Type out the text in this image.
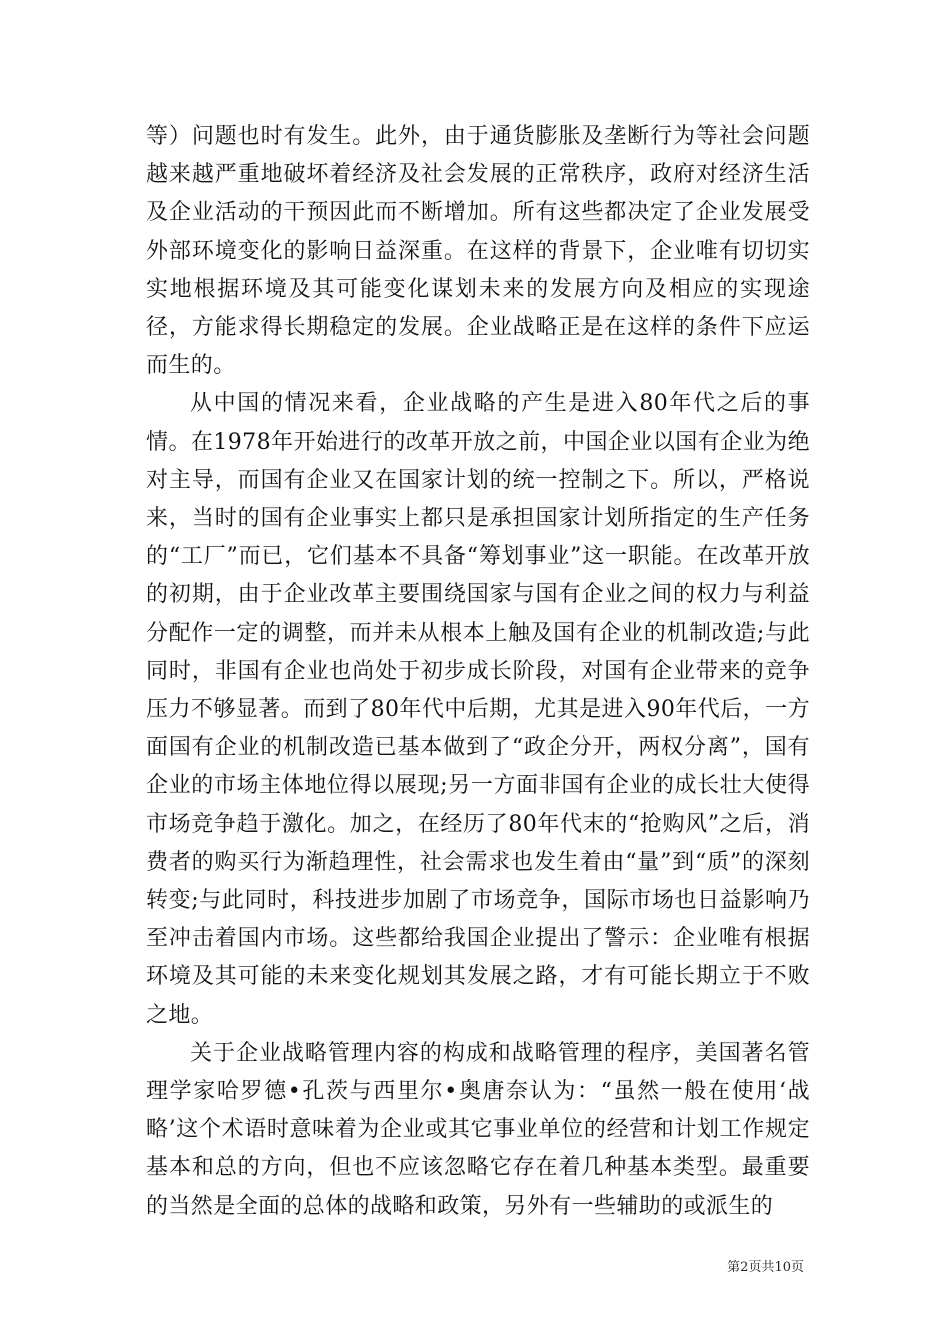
等）问题也时有发生。此外，由于通货膨胀及垄断行为等社会问题越来越严重地破坏着经济及社会发展的正常秩序，政府对经济生活及企业活动的干预因此而不断增加。所有这些都决定了企业发展受外部环境变化的影响日益深重。在这样的背景下，企业唯有切切实实地根据环境及其可能变化谋划未来的发展方向及相应的实现途径，方能求得长期稳定的发展。企业战略正是在这样的条件下应运而生的。

从中国的情况来看，企业战略的产生是进入80年代之后的事情。在1978年开始进行的改革开放之前，中国企业以国有企业为绝对主导，而国有企业又在国家计划的统一控制之下。所以，严格说来，当时的国有企业事实上都只是承担国家计划所指定的生产任务的“工厂”而已，它们基本不具备“筹划事业”这一职能。在改革开放的初期，由于企业改革主要围绕国家与国有企业之间的权力与利益分配作一定的调整，而并未从根本上触及国有企业的机制改造;与此同时，非国有企业也尚处于初步成长阶段，对国有企业带来的竞争压力不够显著。而到了80年代中后期，尤其是进入90年代后，一方面国有企业的机制改造已基本做到了“政企分开，两权分离”，国有企业的市场主体地位得以展现;另一方面非国有企业的成长壮大使得市场竞争趋于激化。加之，在经历了80年代末的“抢购风”之后，消费者的购买行为渐趋理性，社会需求也发生着由“量”到“质”的深刻转变;与此同时，科技进步加剧了市场竞争，国际市场也日益影响乃至冲击着国内市场。这些都给我国企业提出了警示：企业唯有根据环境及其可能的未来变化规划其发展之路，才有可能长期立于不败之地。

关于企业战略管理内容的构成和战略管理的程序，美国著名管理学家哈罗德•孔茨与西里尔•奥唐奈认为：“虽然一般在使用‘战略’这个术语时意味着为企业或其它事业单位的经营和计划工作规定基本和总的方向，但也不应该忽略它存在着几种基本类型。最重要的当然是全面的总体的战略和政策，另外有一些辅助的或派生的

第2页共10页
